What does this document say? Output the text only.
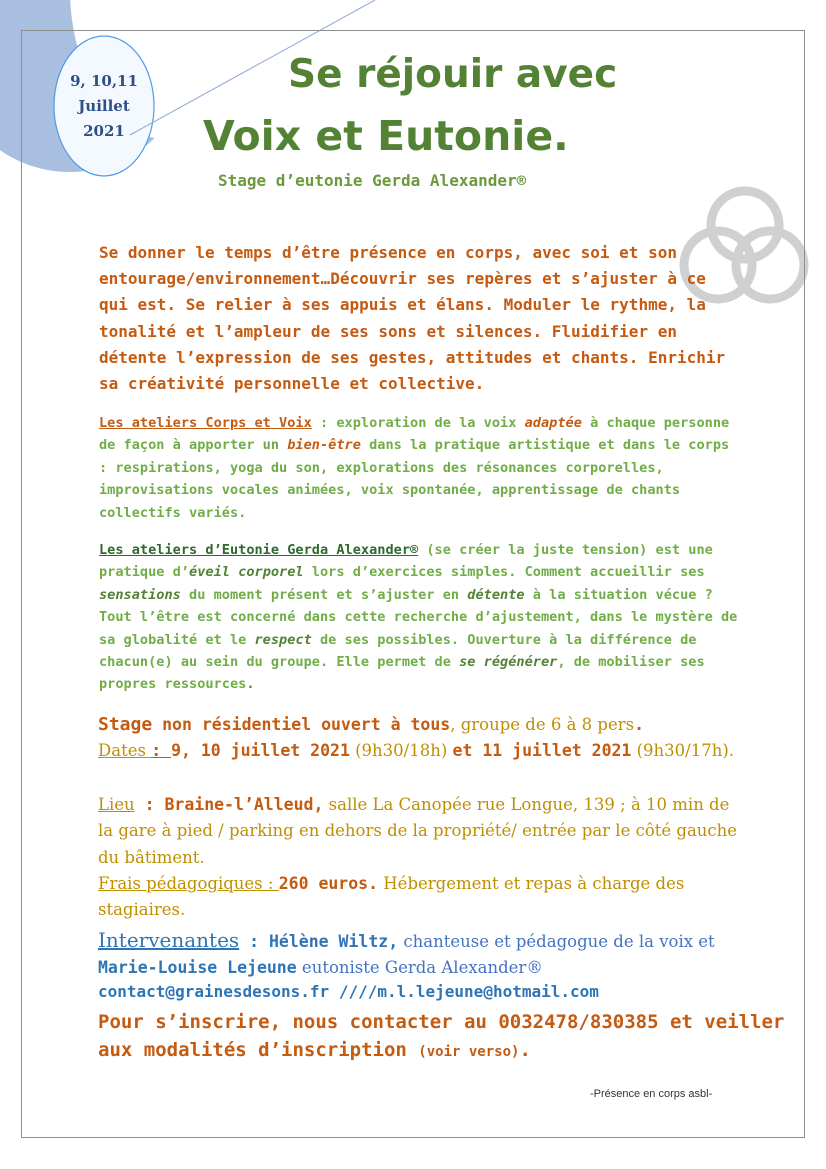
9, 10,11
Juillet
2021
Se réjouir avec
Voix et Eutonie.
Stage d’eutonie Gerda Alexander®
Se donner le temps d’être présence en corps, avec soi et son entourage/environnement…Découvrir ses repères et s’ajuster à ce qui est. Se relier à ses appuis et élans. Moduler le rythme, la tonalité et l’ampleur de ses sons et silences. Fluidifier en détente l’expression de ses gestes, attitudes et chants. Enrichir sa créativité personnelle et collective.
Les ateliers Corps et Voix : exploration de la voix adaptée à chaque personne de façon à apporter un bien-être dans la pratique artistique et dans le corps : respirations, yoga du son, explorations des résonances corporelles, improvisations vocales animées, voix spontanée, apprentissage de chants collectifs variés.
Les ateliers d’Eutonie Gerda Alexander® (se créer la juste tension) est une pratique d’éveil corporel lors d’exercices simples. Comment accueillir ses sensations du moment présent et s’ajuster en détente à la situation vécue ? Tout l’être est concerné dans cette recherche d’ajustement, dans le mystère de sa globalité et le respect de ses possibles. Ouverture à la différence de chacun(e) au sein du groupe. Elle permet de se régénérer, de mobiliser ses propres ressources.
Stage non résidentiel ouvert à tous, groupe de 6 à 8 pers.
Dates : 9, 10 juillet 2021 (9h30/18h) et 11 juillet 2021 (9h30/17h).
Lieu : Braine-l’Alleud, salle La Canopée rue Longue, 139 ; à 10 min de la gare à pied / parking en dehors de la propriété/ entrée par le côté gauche du bâtiment.
Frais pédagogiques : 260 euros. Hébergement et repas à charge des stagiaires.
Intervenantes : Hélène Wiltz, chanteuse et pédagogue de la voix et Marie-Louise Lejeune eutoniste Gerda Alexander®
contact@grainesdesons.fr ////m.l.lejeune@hotmail.com
Pour s’inscrire, nous contacter au 0032478/830385 et veiller aux modalités d’inscription (voir verso).
-Présence en corps asbl-
